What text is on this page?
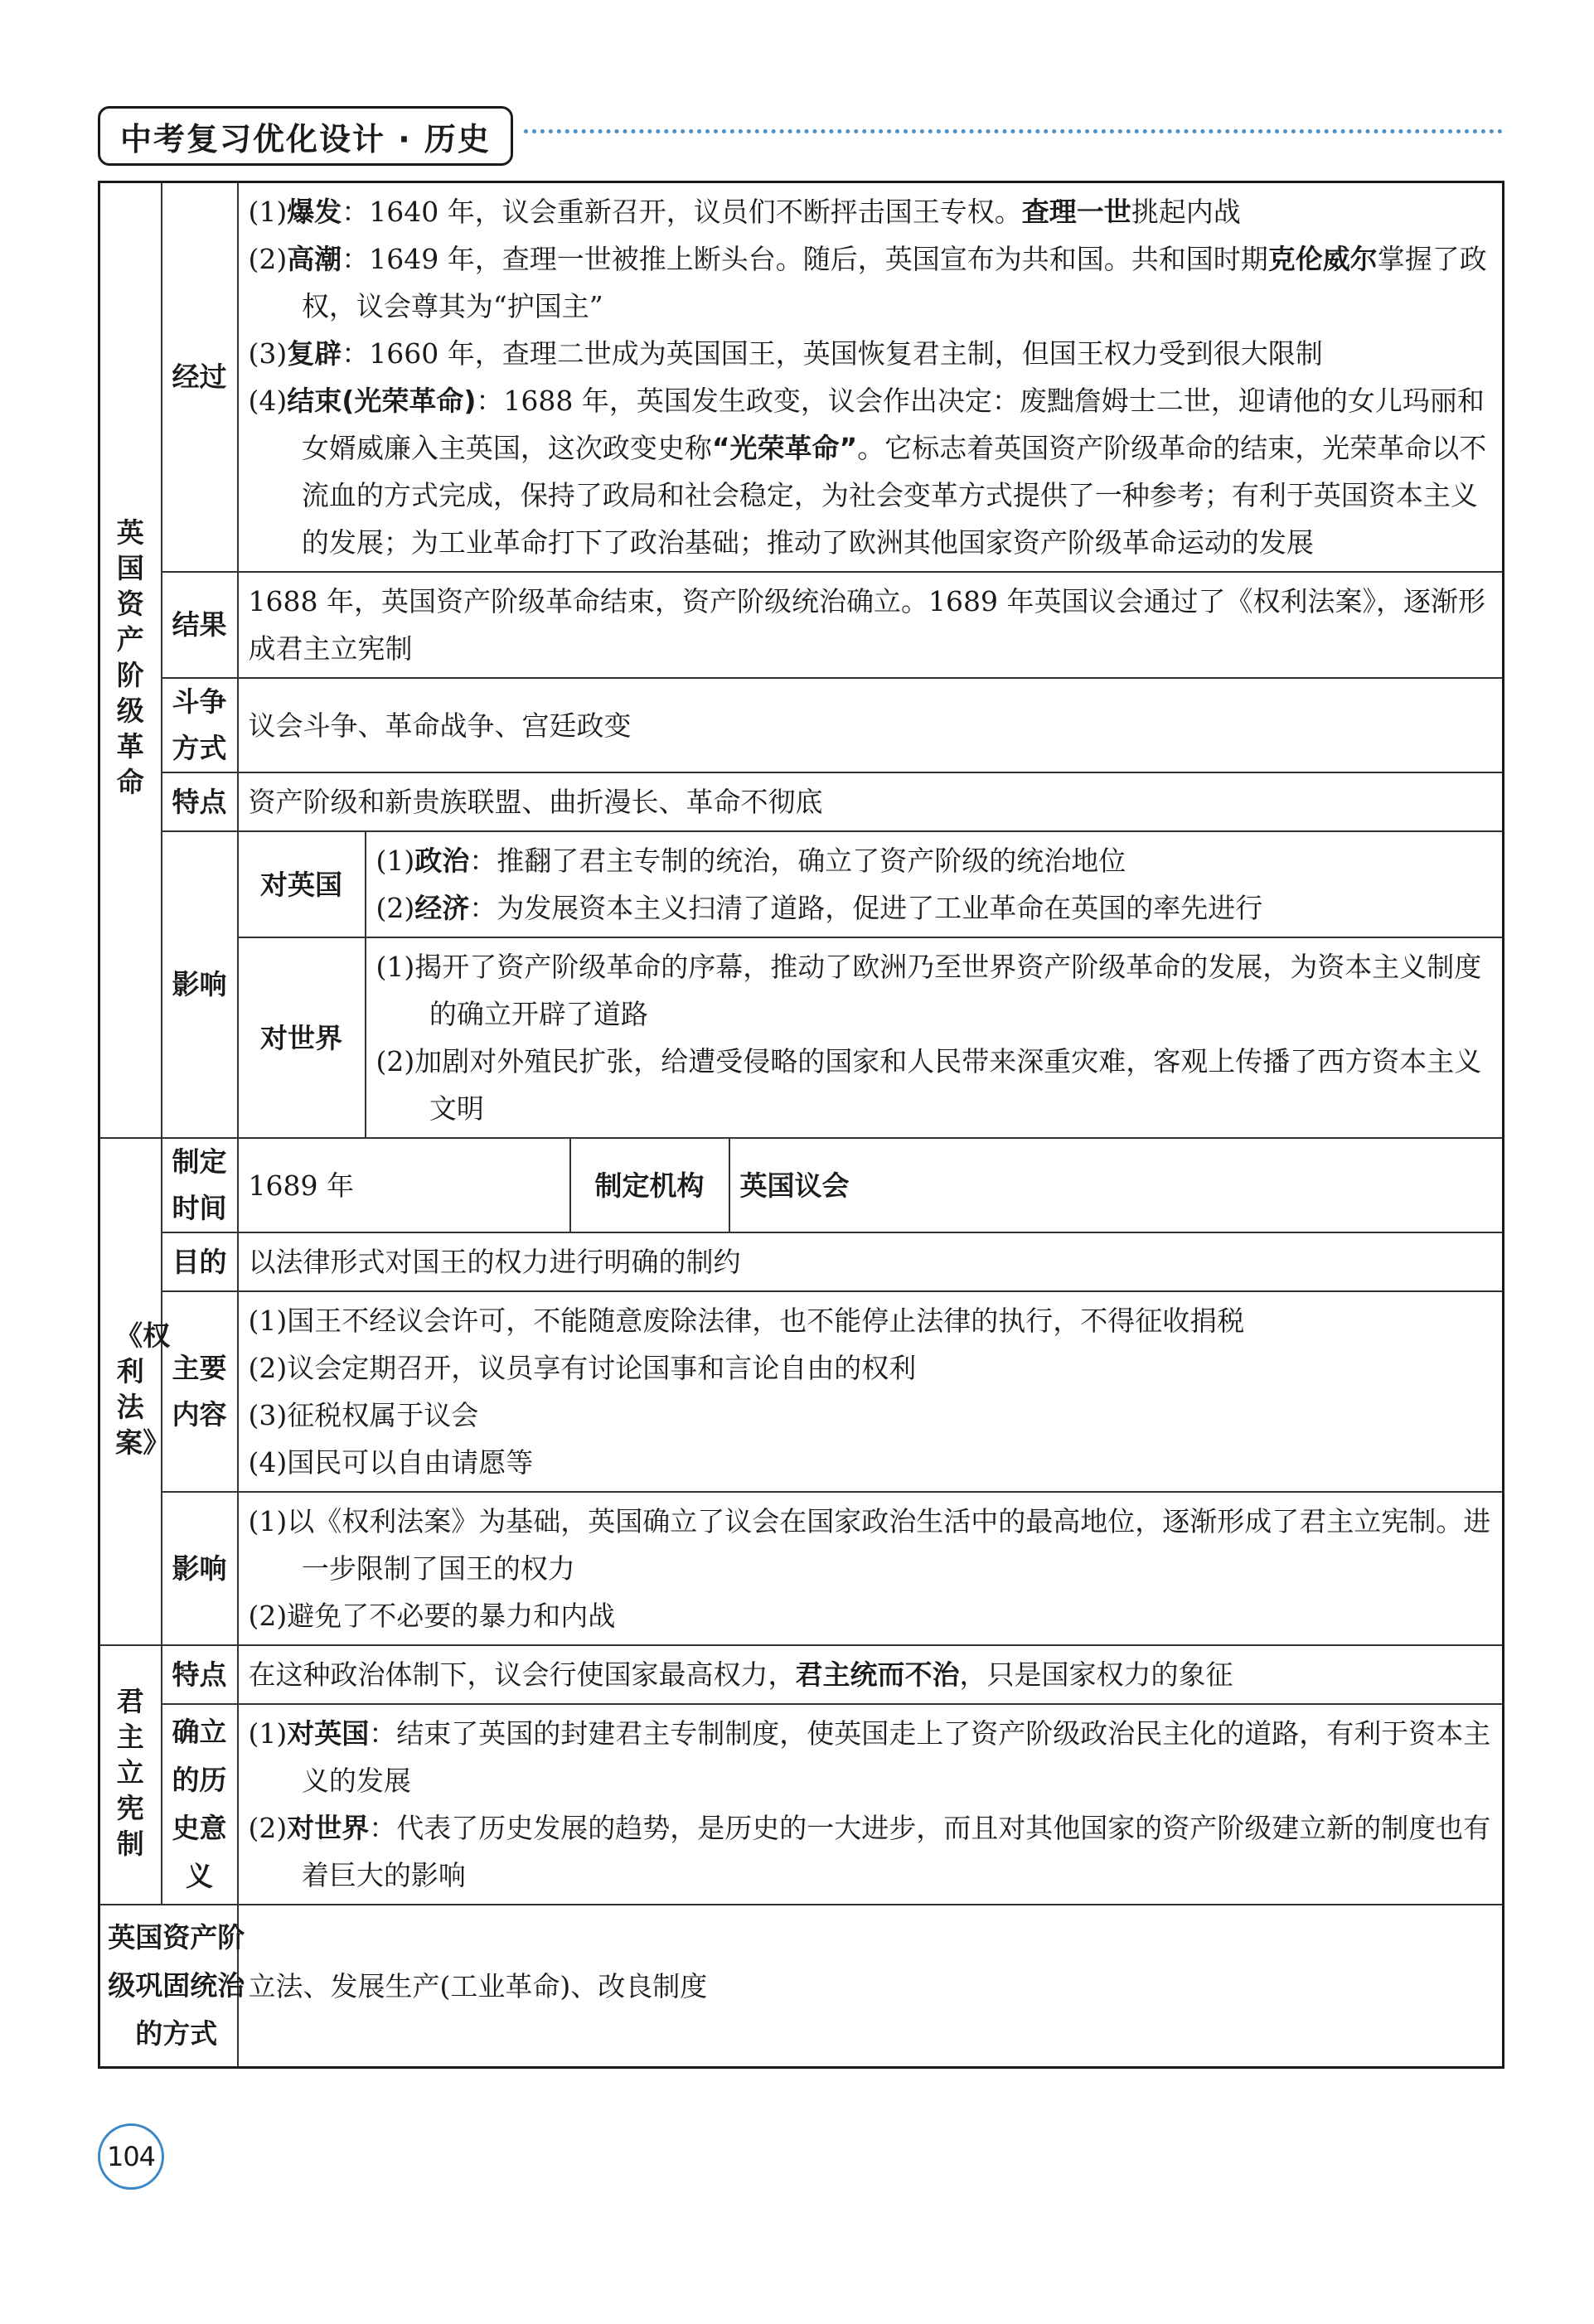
中考复习优化设计 · 历史
英国资产阶级革命	经过	(1)爆发：1640 年，议会重新召开，议员们不断抨击国王专权。查理一世挑起内战
(2)高潮：1649 年，查理一世被推上断头台。随后，英国宣布为共和国。共和国时期克伦威尔掌握了政权，议会尊其为“护国主”
(3)复辟：1660 年，查理二世成为英国国王，英国恢复君主制，但国王权力受到很大限制
(4)结束(光荣革命)：1688 年，英国发生政变，议会作出决定：废黜詹姆士二世，迎请他的女儿玛丽和女婿威廉入主英国，这次政变史称“光荣革命”。它标志着英国资产阶级革命的结束，光荣革命以不流血的方式完成，保持了政局和社会稳定，为社会变革方式提供了一种参考；有利于英国资本主义的发展；为工业革命打下了政治基础；推动了欧洲其他国家资产阶级革命运动的发展			

	结果	1688 年，英国资产阶级革命结束，资产阶级统治确立。1689 年英国议会通过了《权利法案》，逐渐形成君主立宪制			
	斗争方式	议会斗争、革命战争、宫廷政变			
	特点	资产阶级和新贵族联盟、曲折漫长、革命不彻底			
	影响	对英国	(1)政治：推翻了君主专制的统治，确立了资产阶级的统治地位
(2)经济：为发展资本主义扫清了道路，促进了工业革命在英国的率先进行		

		对世界	(1)揭开了资产阶级革命的序幕，推动了欧洲乃至世界资产阶级革命的发展，为资本主义制度的确立开辟了道路
(2)加剧对外殖民扩张，给遭受侵略的国家和人民带来深重灾难，客观上传播了西方资本主义文明		

《权利法案》	制定时间	1689 年		制定机构	英国议会
	目的	以法律形式对国王的权力进行明确的制约			
	主要内容	(1)国王不经议会许可，不能随意废除法律，也不能停止法律的执行，不得征收捐税
(2)议会定期召开，议员享有讨论国事和言论自由的权利
(3)征税权属于议会
(4)国民可以自由请愿等			

	影响	(1)以《权利法案》为基础，英国确立了议会在国家政治生活中的最高地位，逐渐形成了君主立宪制。进一步限制了国王的权力
(2)避免了不必要的暴力和内战			

君主立宪制	特点	在这种政治体制下，议会行使国家最高权力，君主统而不治，只是国家权力的象征			
	确立的历史意义	(1)对英国：结束了英国的封建君主专制制度，使英国走上了资产阶级政治民主化的道路，有利于资本主义的发展
(2)对世界：代表了历史发展的趋势，是历史的一大进步，而且对其他国家的资产阶级建立新的制度也有着巨大的影响			

英国资产阶级巩固统治的方式		立法、发展生产(工业革命)、改良制度			
104
